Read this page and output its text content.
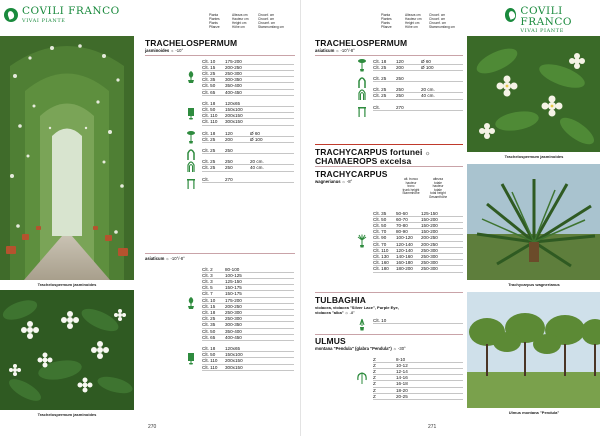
COVILI FRANCO
VIVAI PIANTE
Pianta
Plantes
Plants
Pflanze
Altezza cm
Hauteur cm
Height cm
Höhe cm
Circonf. cm
Circonf. cm
Circumf. cm
Stammumfang cm
Trachelospermum jasminoides
Trachelospermum jasminoides
TRACHELOSPERMUM
jasminoides ☼ -10°
Clt. 10	175-200
Clt. 15	200-250
Clt. 25	250-300
Clt. 35	300-350
Clt. 50	350-400
Clt. 65	400-450
Clt. 18	120x65
Clt. 50	150x100
Clt. 110	200x150
Clt. 110	300x150
Clt. 18	120	Ø 60
Clt. 25	200	Ø 100
Clt. 25	250
Clt. 25	250	20 cm.
Clt. 25	250	40 cm.
Clt.	270
asiaticum ☼ -10°/-8°
Clt. 2	80-100
Clt. 3	100-125
Clt. 3	125-150
Clt. 5	150-175
Clt. 7	150-175
Clt. 10	175-200
Clt. 15	200-250
Clt. 18	250-300
Clt. 25	250-300
Clt. 35	300-350
Clt. 50	350-400
Clt. 65	400-450
Clt. 18	120x65
Clt. 50	150x100
Clt. 110	200x150
Clt. 110	300x150
270
Pianta
Plantes
Plants
Pflanze
Altezza cm
Hauteur cm
Height cm
Höhe cm
Circonf. cm
Circonf. cm
Circumf. cm
Stammumfang cm
COVILI FRANCO
VIVAI PIANTE
Trachelospermum jasminoides
Trachycarpus wagnerianus
Ulmus montana "Pendula"
TRACHELOSPERMUM
asiaticum ☼ -10°/-8°
Clt. 18	120	Ø 60
Clt. 25	200	Ø 100
Clt. 25	250
Clt. 25	250	20 cm.
Clt. 25	250	40 cm.
Clt.	270
TRACHYCARPUS fortunei ☼
CHAMAEROPS excelsa
TRACHYCARPUS
wagnerianus ☼ -8°	alt. tronco
hauteur
tronc
trunk height
Stammhöhe
altezza
totale
hauteur
totale
total height
Gesamthöhe
Clt. 35	50-60	125-150
Clt. 50	60-70	150-200
Clt. 50	70-80	150-200
Clt. 70	80-90	150-200
Clt. 90	100-120	200-250
Clt. 70	120-140	200-250
Clt. 110	120-140	250-300
Clt. 130	140-160	250-300
Clt. 160	160-180	250-300
Clt. 180	180-200	250-300
TULBAGHIA
violacea, violacea "Silver Lace", Purple Eye,
violacea "alba" ☼ -8°
Clt. 10
ULMUS
montana "Pendula" (glabra "Pendula") ☼ -30°
Z	8-10
Z	10-12
Z	12-14
Z	14-16
Z	16-18
Z	18-20
Z	20-25
271
